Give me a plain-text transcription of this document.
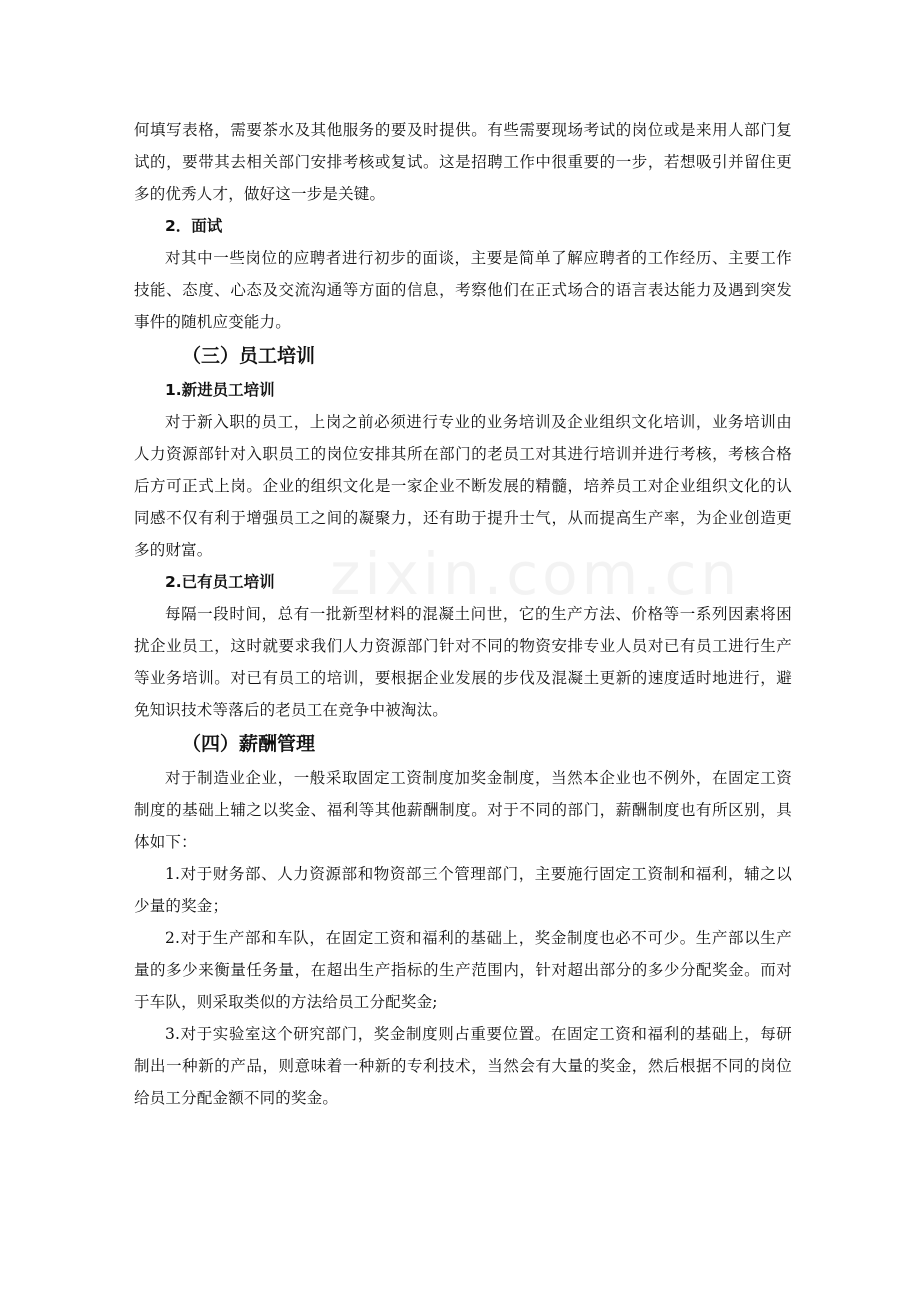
zixin.com.cn

何填写表格，需要茶水及其他服务的要及时提供。有些需要现场考试的岗位或是来用人部门复试的，要带其去相关部门安排考核或复试。这是招聘工作中很重要的一步，若想吸引并留住更多的优秀人才，做好这一步是关键。

2．面试

对其中一些岗位的应聘者进行初步的面谈，主要是简单了解应聘者的工作经历、主要工作技能、态度、心态及交流沟通等方面的信息，考察他们在正式场合的语言表达能力及遇到突发事件的随机应变能力。

（三）员工培训

1.新进员工培训

对于新入职的员工，上岗之前必须进行专业的业务培训及企业组织文化培训，业务培训由人力资源部针对入职员工的岗位安排其所在部门的老员工对其进行培训并进行考核，考核合格后方可正式上岗。企业的组织文化是一家企业不断发展的精髓，培养员工对企业组织文化的认同感不仅有利于增强员工之间的凝聚力，还有助于提升士气，从而提高生产率，为企业创造更多的财富。

2.已有员工培训

每隔一段时间，总有一批新型材料的混凝土问世，它的生产方法、价格等一系列因素将困扰企业员工，这时就要求我们人力资源部门针对不同的物资安排专业人员对已有员工进行生产等业务培训。对已有员工的培训，要根据企业发展的步伐及混凝土更新的速度适时地进行，避免知识技术等落后的老员工在竞争中被淘汰。

（四）薪酬管理

对于制造业企业，一般采取固定工资制度加奖金制度，当然本企业也不例外，在固定工资制度的基础上辅之以奖金、福利等其他薪酬制度。对于不同的部门，薪酬制度也有所区别，具体如下：

1.对于财务部、人力资源部和物资部三个管理部门，主要施行固定工资制和福利，辅之以少量的奖金；

2.对于生产部和车队，在固定工资和福利的基础上，奖金制度也必不可少。生产部以生产量的多少来衡量任务量，在超出生产指标的生产范围内，针对超出部分的多少分配奖金。而对于车队，则采取类似的方法给员工分配奖金;

3.对于实验室这个研究部门，奖金制度则占重要位置。在固定工资和福利的基础上，每研制出一种新的产品，则意味着一种新的专利技术，当然会有大量的奖金，然后根据不同的岗位给员工分配金额不同的奖金。
